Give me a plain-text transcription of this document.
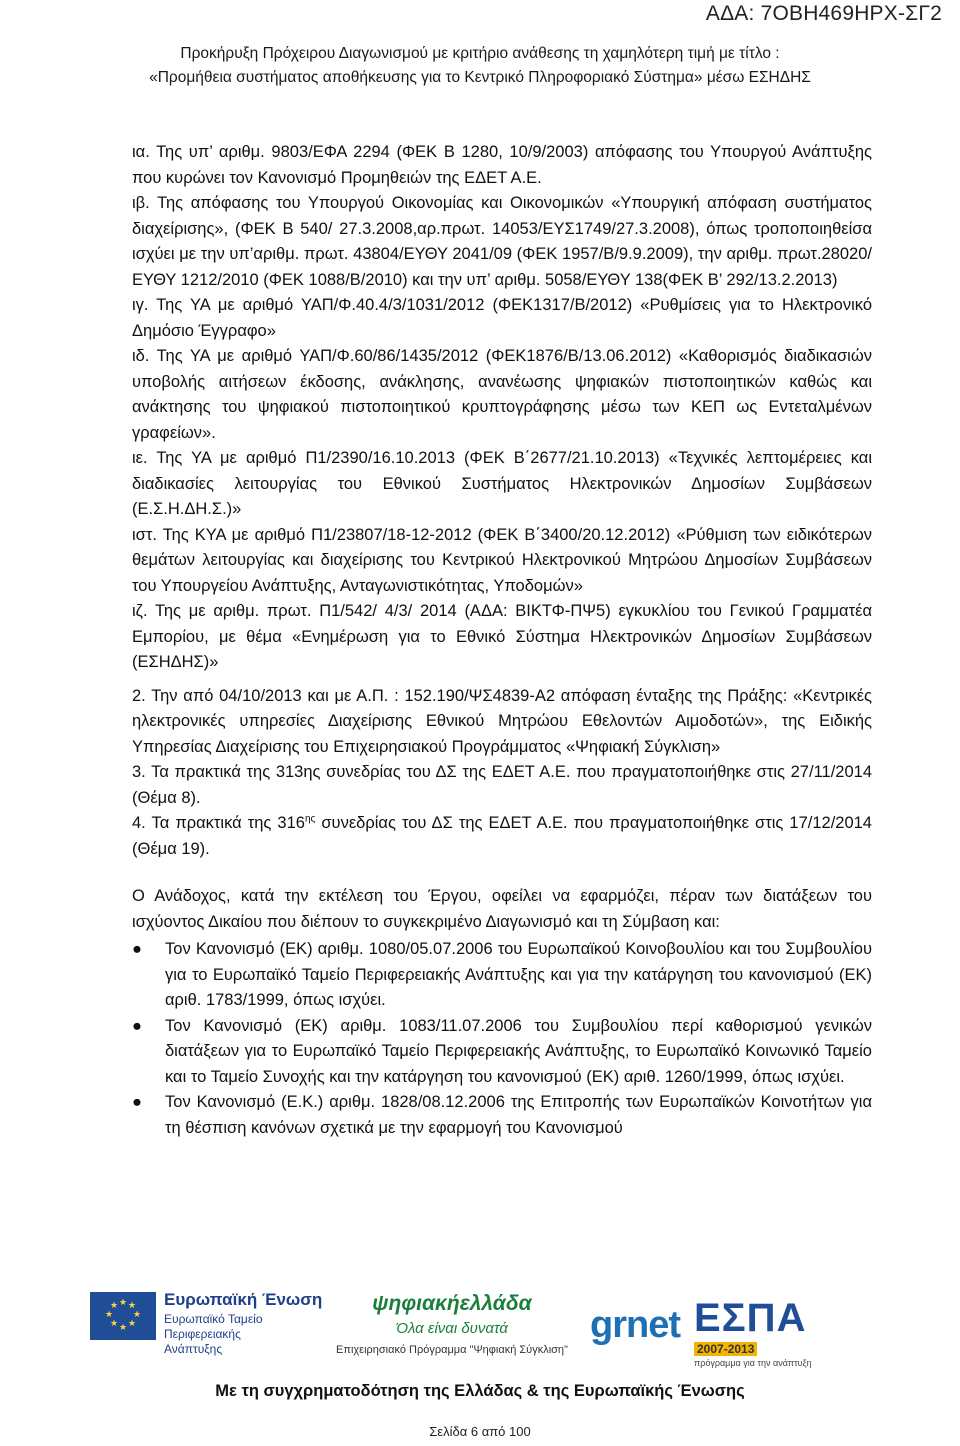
ΑΔΑ: 7ΟΒΗ469ΗΡΧ-ΣΓ2
Προκήρυξη Πρόχειρου Διαγωνισμού με κριτήριο ανάθεσης τη χαμηλότερη τιμή με τίτλο :
«Προμήθεια συστήματος αποθήκευσης για το Κεντρικό Πληροφοριακό Σύστημα» μέσω ΕΣΗΔΗΣ

ια. Της υπ’ αριθμ. 9803/ΕΦΑ 2294 (ΦΕΚ Β 1280, 10/9/2003) απόφασης του Υπουργού Ανάπτυξης που κυρώνει τον Κανονισμό Προμηθειών της ΕΔΕΤ Α.Ε.

ιβ. Της απόφασης του Υπουργού Οικονομίας και Οικονομικών «Υπουργική απόφαση συστήματος διαχείρισης», (ΦΕΚ Β 540/ 27.3.2008,αρ.πρωτ. 14053/ΕΥΣ1749/27.3.2008), όπως τροποποιηθείσα ισχύει με την υπ’αριθμ. πρωτ. 43804/ΕΥΘΥ 2041/09 (ΦΕΚ 1957/Β/9.9.2009), την αριθμ. πρωτ.28020/ ΕΥΘΥ 1212/2010 (ΦΕΚ 1088/Β/2010) και την υπ’ αριθμ. 5058/ΕΥΘΥ 138(ΦΕΚ Β’ 292/13.2.2013)

ιγ. Της ΥΑ με αριθμό ΥΑΠ/Φ.40.4/3/1031/2012 (ΦΕΚ1317/Β/2012) «Ρυθμίσεις για το Ηλεκτρονικό Δημόσιο Έγγραφο»

ιδ. Της ΥΑ με αριθμό ΥΑΠ/Φ.60/86/1435/2012 (ΦΕΚ1876/Β/13.06.2012) «Καθορισμός διαδικασιών υποβολής αιτήσεων έκδοσης, ανάκλησης, ανανέωσης ψηφιακών πιστοποιητικών καθώς και ανάκτησης του ψηφιακού πιστοποιητικού κρυπτογράφησης μέσω των ΚΕΠ ως Εντεταλμένων γραφείων».

ιε. Της ΥΑ με αριθμό Π1/2390/16.10.2013 (ΦΕΚ Β΄2677/21.10.2013) «Τεχνικές λεπτομέρειες και διαδικασίες λειτουργίας του Εθνικού Συστήματος Ηλεκτρονικών Δημοσίων Συμβάσεων (Ε.Σ.Η.ΔΗ.Σ.)»

ιστ. Της ΚΥΑ με αριθμό Π1/23807/18-12-2012 (ΦΕΚ Β΄3400/20.12.2012) «Ρύθμιση των ειδικότερων θεμάτων λειτουργίας και διαχείρισης του Κεντρικού Ηλεκτρονικού Μητρώου Δημοσίων Συμβάσεων του Υπουργείου Ανάπτυξης, Ανταγωνιστικότητας, Υποδομών»

ιζ. Της με αριθμ. πρωτ. Π1/542/ 4/3/ 2014 (ΑΔΑ: ΒΙΚΤΦ-ΠΨ5) εγκυκλίου του Γενικού Γραμματέα Εμπορίου, με θέμα «Ενημέρωση για το Εθνικό Σύστημα Ηλεκτρονικών Δημοσίων Συμβάσεων (ΕΣΗΔΗΣ)»

2. Την από 04/10/2013 και με Α.Π. : 152.190/ΨΣ4839-Α2 απόφαση ένταξης της Πράξης: «Κεντρικές ηλεκτρονικές υπηρεσίες Διαχείρισης Εθνικού Μητρώου Εθελοντών Αιμοδοτών», της Ειδικής Υπηρεσίας Διαχείρισης του Επιχειρησιακού Προγράμματος «Ψηφιακή Σύγκλιση»

3. Τα πρακτικά της 313ης συνεδρίας του ΔΣ της ΕΔΕΤ Α.Ε. που πραγματοποιήθηκε στις 27/11/2014 (Θέμα 8).

4. Τα πρακτικά της $316^{\eta\varsigma}$ συνεδρίας του ΔΣ της ΕΔΕΤ Α.Ε. που πραγματοποιήθηκε στις 17/12/2014 (Θέμα 19).

Ο Ανάδοχος, κατά την εκτέλεση του Έργου, οφείλει να εφαρμόζει, πέραν των διατάξεων του ισχύοντος Δικαίου που διέπουν το συγκεκριμένο Διαγωνισμό και τη Σύμβαση και:

● Τον Κανονισμό (ΕΚ) αριθμ. 1080/05.07.2006 του Ευρωπαϊκού Κοινοβουλίου και του Συμβουλίου για το Ευρωπαϊκό Ταμείο Περιφερειακής Ανάπτυξης και για την κατάργηση του κανονισμού (ΕΚ) αριθ. 1783/1999, όπως ισχύει.
● Τον Κανονισμό (ΕΚ) αριθμ. 1083/11.07.2006 του Συμβουλίου περί καθορισμού γενικών διατάξεων για το Ευρωπαϊκό Ταμείο Περιφερειακής Ανάπτυξης, το Ευρωπαϊκό Κοινωνικό Ταμείο και το Ταμείο Συνοχής και την κατάργηση του κανονισμού (ΕΚ) αριθ. 1260/1999, όπως ισχύει.
● Τον Κανονισμό (Ε.Κ.) αριθμ. 1828/08.12.2006 της Επιτροπής των Ευρωπαϊκών Κοινοτήτων για τη θέσπιση κανόνων σχετικά με την εφαρμογή του Κανονισμού
★ ★
★
★
★
★
★
★	Ευρωπαϊκή Ένωση
Ευρωπαϊκό Ταμείο
Περιφερειακής
Ανάπτυξης
ψηφιακήελλάδα
Όλα είναι δυνατά
Επιχειρησιακό Πρόγραμμα "Ψηφιακή Σύγκλιση"
grnet ΕΣΠΑ
2007-2013
πρόγραμμα για την ανάπτυξη
Με τη συγχρηματοδότηση της Ελλάδας & της Ευρωπαϊκής Ένωσης
Σελίδα 6 από 100
